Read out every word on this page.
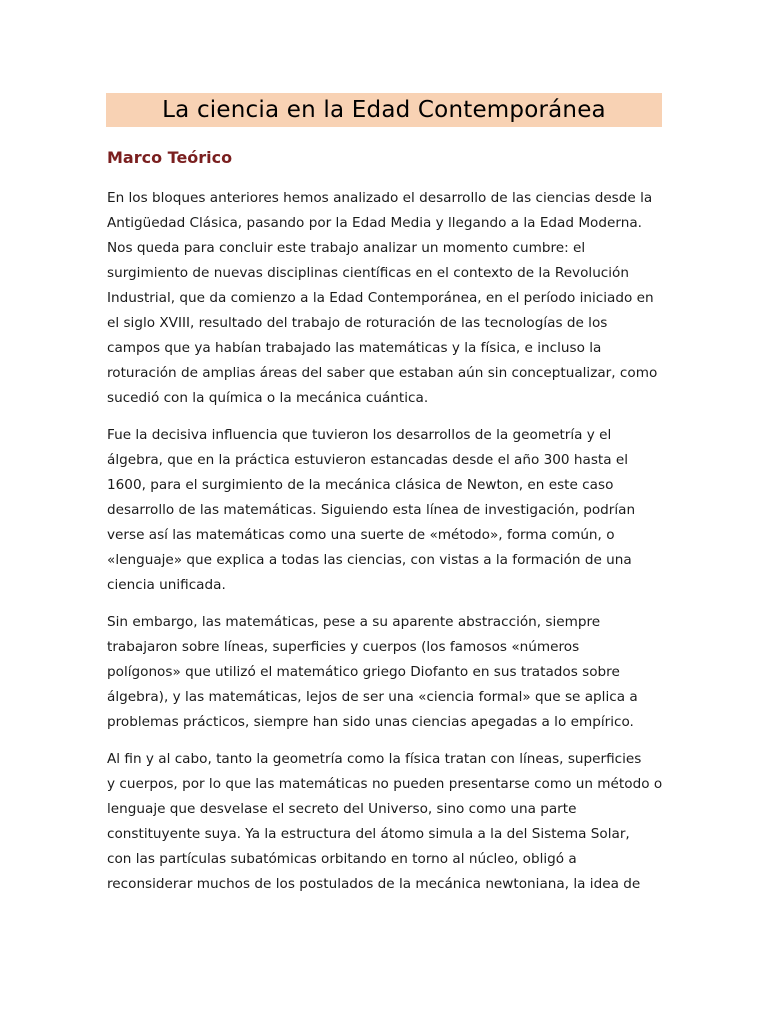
La ciencia en la Edad Contemporánea
Marco Teórico
En los bloques anteriores hemos analizado el desarrollo de las ciencias desde la
Antigüedad Clásica, pasando por la Edad Media y llegando a la Edad Moderna.
Nos queda para concluir este trabajo analizar un momento cumbre: el
surgimiento de nuevas disciplinas científicas en el contexto de la Revolución
Industrial, que da comienzo a la Edad Contemporánea, en el período iniciado en
el siglo XVIII, resultado del trabajo de roturación de las tecnologías de los
campos que ya habían trabajado las matemáticas y la física, e incluso la
roturación de amplias áreas del saber que estaban aún sin conceptualizar, como
sucedió con la química o la mecánica cuántica.
Fue la decisiva influencia que tuvieron los desarrollos de la geometría y el
álgebra, que en la práctica estuvieron estancadas desde el año 300 hasta el
1600, para el surgimiento de la mecánica clásica de Newton, en este caso
desarrollo de las matemáticas. Siguiendo esta línea de investigación, podrían
verse así las matemáticas como una suerte de «método», forma común, o
«lenguaje» que explica a todas las ciencias, con vistas a la formación de una
ciencia unificada.
Sin embargo, las matemáticas, pese a su aparente abstracción, siempre
trabajaron sobre líneas, superficies y cuerpos (los famosos «números
polígonos» que utilizó el matemático griego Diofanto en sus tratados sobre
álgebra), y las matemáticas, lejos de ser una «ciencia formal» que se aplica a
problemas prácticos, siempre han sido unas ciencias apegadas a lo empírico.
Al fin y al cabo, tanto la geometría como la física tratan con líneas, superficies
y cuerpos, por lo que las matemáticas no pueden presentarse como un método o
lenguaje que desvelase el secreto del Universo, sino como una parte
constituyente suya. Ya la estructura del átomo simula a la del Sistema Solar,
con las partículas subatómicas orbitando en torno al núcleo, obligó a
reconsiderar muchos de los postulados de la mecánica newtoniana, la idea de
